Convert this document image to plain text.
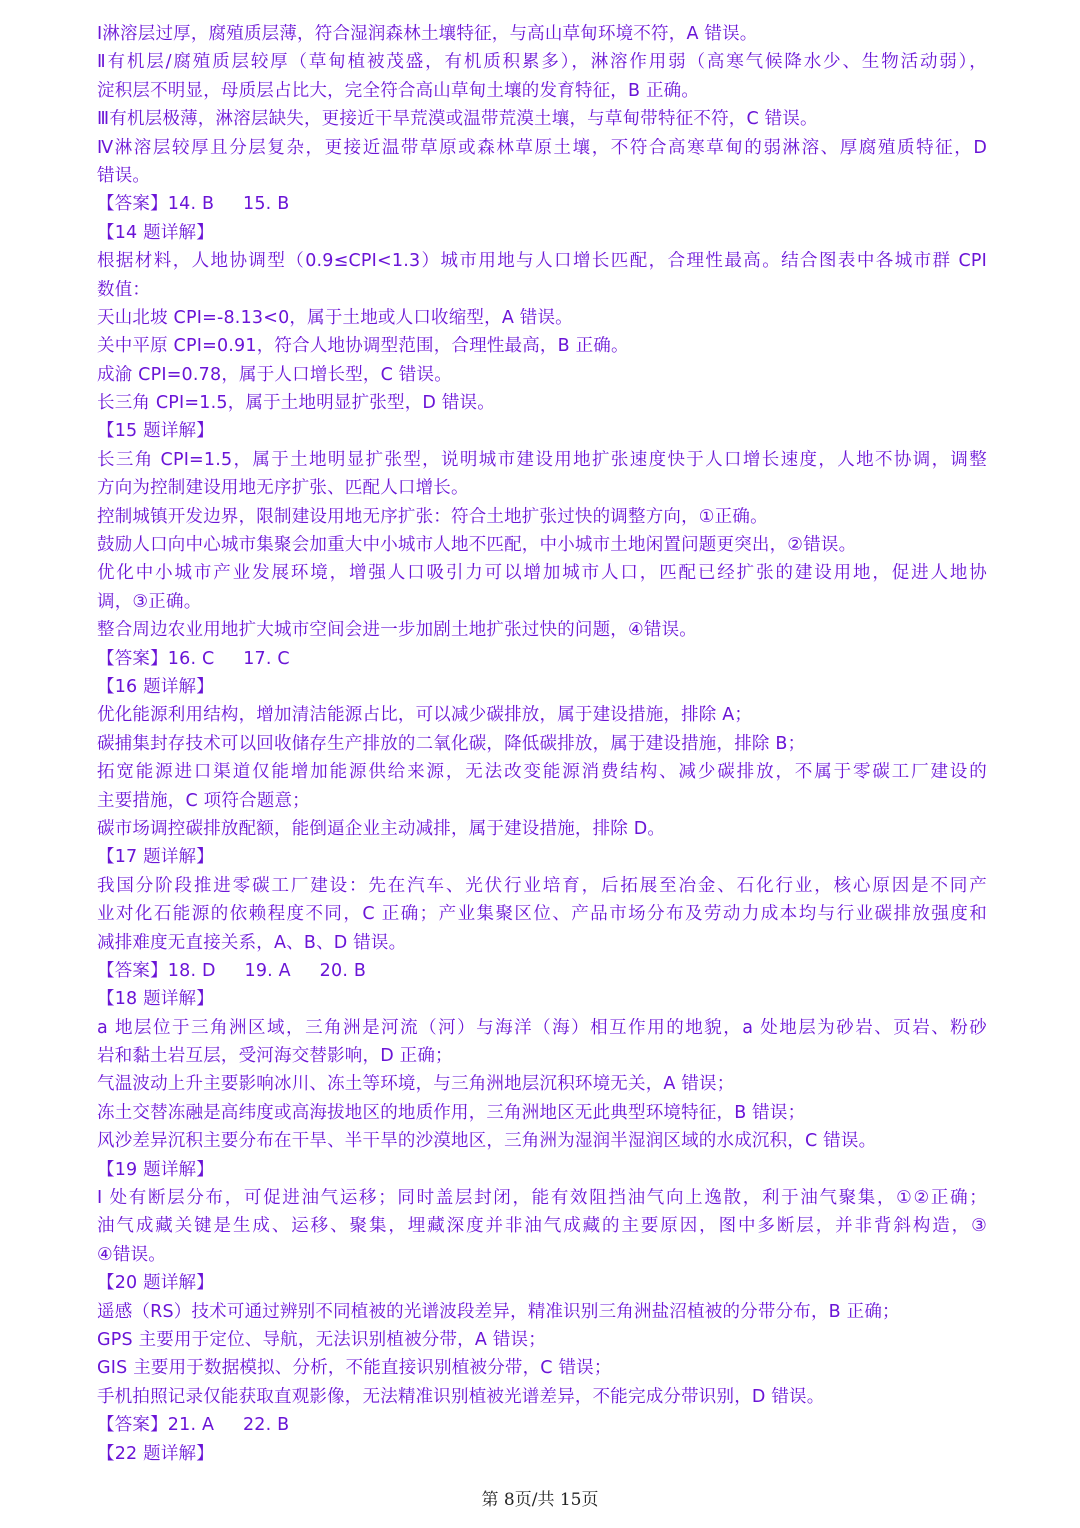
Ⅰ淋溶层过厚，腐殖质层薄，符合湿润森林土壤特征，与高山草甸环境不符，A 错误。
Ⅱ有机层/腐殖质层较厚（草甸植被茂盛，有机质积累多），淋溶作用弱（高寒气候降水少、生物活动弱），
淀积层不明显，母质层占比大，完全符合高山草甸土壤的发育特征，B 正确。
Ⅲ有机层极薄，淋溶层缺失，更接近干旱荒漠或温带荒漠土壤，与草甸带特征不符，C 错误。
Ⅳ淋溶层较厚且分层复杂，更接近温带草原或森林草原土壤，不符合高寒草甸的弱淋溶、厚腐殖质特征，D
错误。
【答案】14. B     15. B
【14 题详解】
根据材料，人地协调型（0.9≤CPI<1.3）城市用地与人口增长匹配，合理性最高。结合图表中各城市群 CPI
数值：
天山北坡 CPI=-8.13<0，属于土地或人口收缩型，A 错误。
关中平原 CPI=0.91，符合人地协调型范围，合理性最高，B 正确。
成渝 CPI=0.78，属于人口增长型，C 错误。
长三角 CPI=1.5，属于土地明显扩张型，D 错误。
【15 题详解】
长三角 CPI=1.5，属于土地明显扩张型，说明城市建设用地扩张速度快于人口增长速度，人地不协调，调整
方向为控制建设用地无序扩张、匹配人口增长。
控制城镇开发边界，限制建设用地无序扩张：符合土地扩张过快的调整方向，①正确。
鼓励人口向中心城市集聚会加重大中小城市人地不匹配，中小城市土地闲置问题更突出，②错误。
优化中小城市产业发展环境，增强人口吸引力可以增加城市人口，匹配已经扩张的建设用地，促进人地协
调，③正确。
整合周边农业用地扩大城市空间会进一步加剧土地扩张过快的问题，④错误。
【答案】16. C     17. C
【16 题详解】
优化能源利用结构，增加清洁能源占比，可以减少碳排放，属于建设措施，排除 A；
碳捕集封存技术可以回收储存生产排放的二氧化碳，降低碳排放，属于建设措施，排除 B；
拓宽能源进口渠道仅能增加能源供给来源，无法改变能源消费结构、减少碳排放，不属于零碳工厂建设的
主要措施，C 项符合题意；
碳市场调控碳排放配额，能倒逼企业主动减排，属于建设措施，排除 D。
【17 题详解】
我国分阶段推进零碳工厂建设：先在汽车、光伏行业培育，后拓展至冶金、石化行业，核心原因是不同产
业对化石能源的依赖程度不同，C 正确；产业集聚区位、产品市场分布及劳动力成本均与行业碳排放强度和
减排难度无直接关系，A、B、D 错误。
【答案】18. D     19. A     20. B
【18 题详解】
a 地层位于三角洲区域，三角洲是河流（河）与海洋（海）相互作用的地貌，a 处地层为砂岩、页岩、粉砂
岩和黏土岩互层，受河海交替影响，D 正确；
气温波动上升主要影响冰川、冻土等环境，与三角洲地层沉积环境无关，A 错误；
冻土交替冻融是高纬度或高海拔地区的地质作用，三角洲地区无此典型环境特征，B 错误；
风沙差异沉积主要分布在干旱、半干旱的沙漠地区，三角洲为湿润半湿润区域的水成沉积，C 错误。
【19 题详解】
I 处有断层分布，可促进油气运移；同时盖层封闭，能有效阻挡油气向上逸散，利于油气聚集，①②正确；
油气成藏关键是生成、运移、聚集，埋藏深度并非油气成藏的主要原因，图中多断层，并非背斜构造，③
④错误。
【20 题详解】
遥感（RS）技术可通过辨别不同植被的光谱波段差异，精准识别三角洲盐沼植被的分带分布，B 正确；
GPS 主要用于定位、导航，无法识别植被分带，A 错误；
GIS 主要用于数据模拟、分析，不能直接识别植被分带，C 错误；
手机拍照记录仅能获取直观影像，无法精准识别植被光谱差异，不能完成分带识别，D 错误。
【答案】21. A     22. B
【22 题详解】
第 8页/共 15页
